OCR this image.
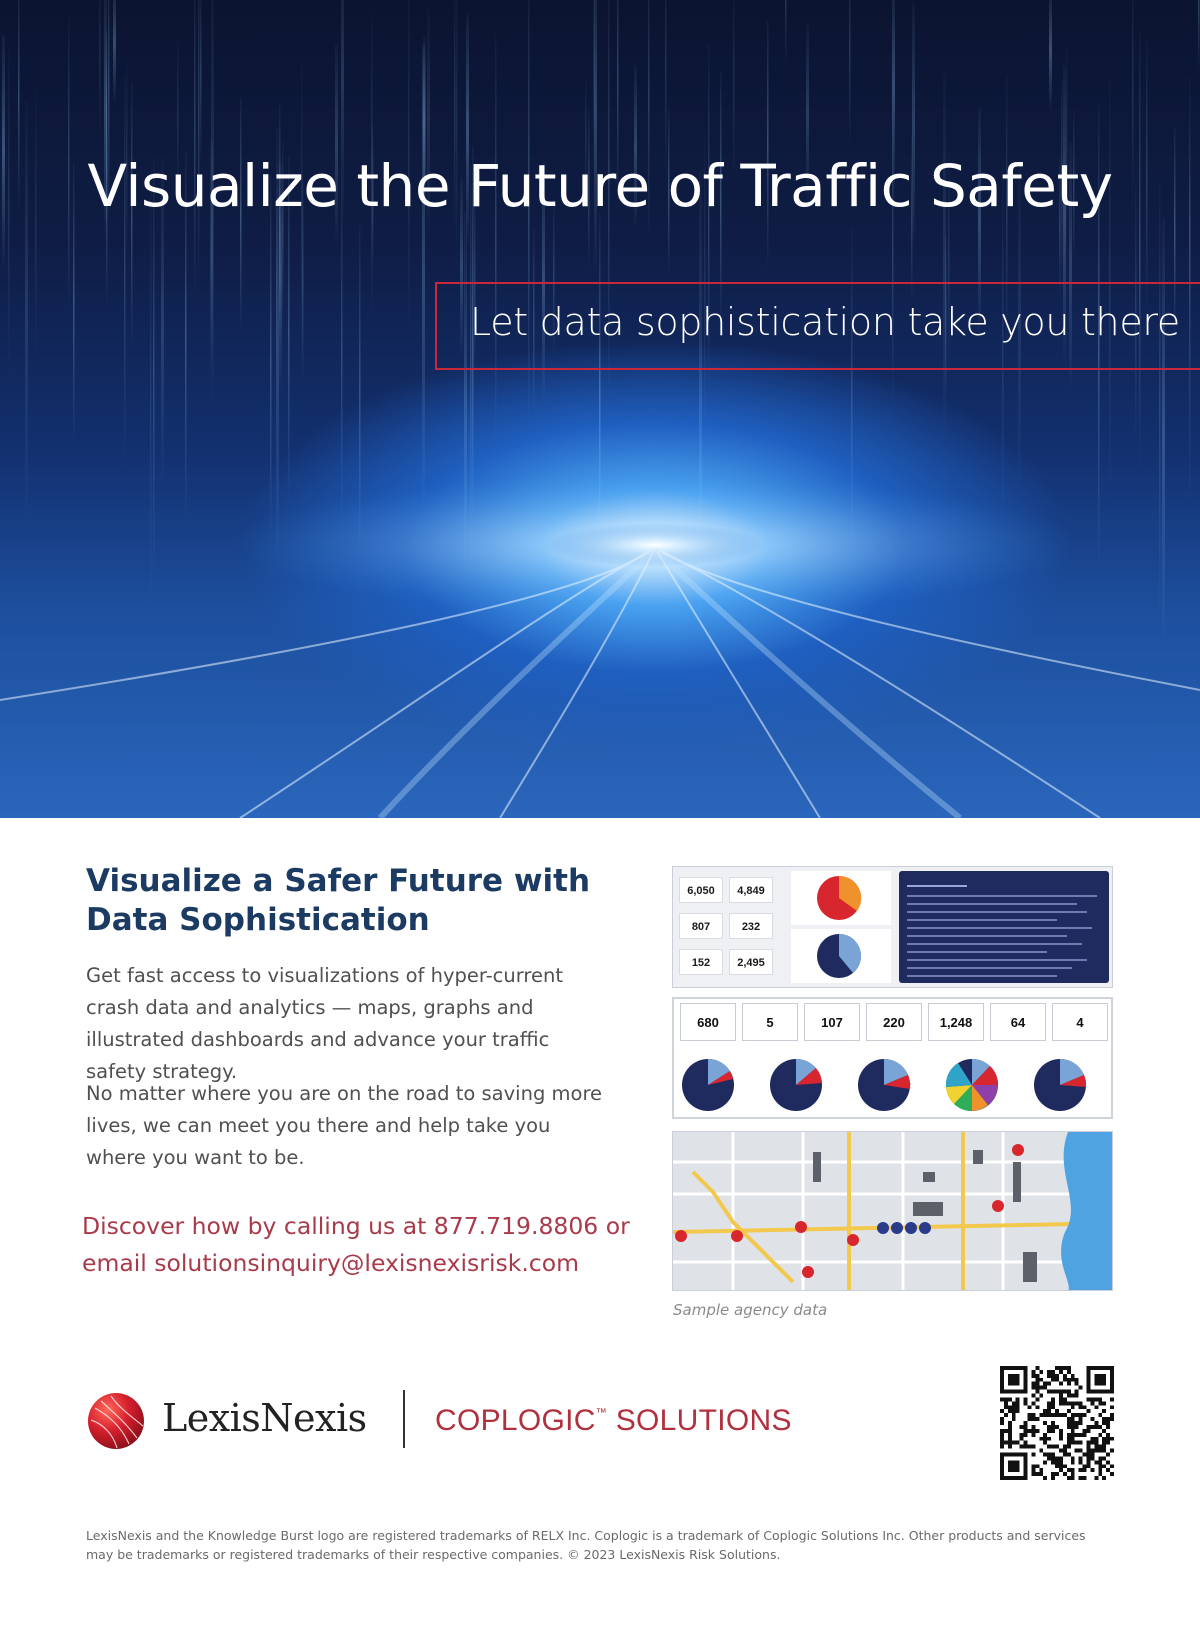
Visualize the Future of Traffic Safety
Let data sophistication take you there
Visualize a Safer Future with
Data Sophistication

Get fast access to visualizations of hyper-current crash data and analytics — maps, graphs and illustrated dashboards and advance your traffic safety strategy.

No matter where you are on the road to saving more lives, we can meet you there and help take you where you want to be.

Discover how by calling us at 877.719.8806 or
email solutionsinquiry@lexisnexisrisk.com
6,050	4,849
807	232
152	2,495
680	5	107	220	1,248	64	4
Sample agency data
LexisNexis COPLOGIC™ SOLUTIONS

LexisNexis and the Knowledge Burst logo are registered trademarks of RELX Inc. Coplogic is a trademark of Coplogic Solutions Inc. Other products and services may be trademarks or registered trademarks of their respective companies. © 2023 LexisNexis Risk Solutions.
